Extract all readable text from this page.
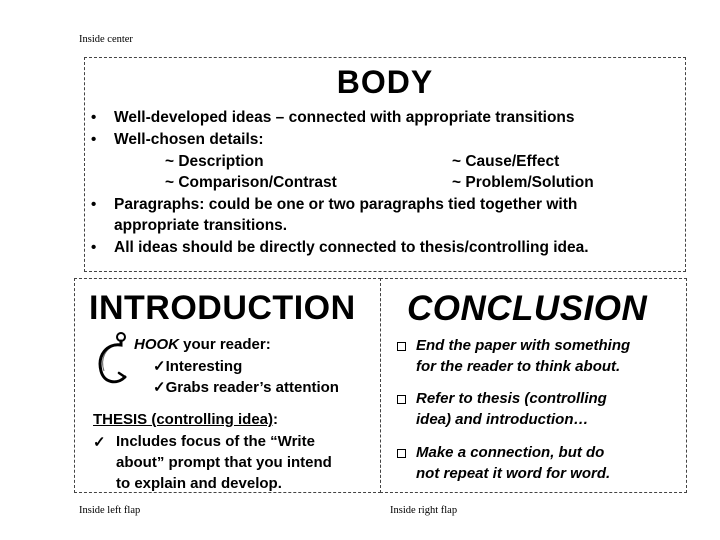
Inside center
BODY
• Well-developed ideas – connected with appropriate transitions
• Well-chosen details:
~ Description	~ Cause/Effect
~ Comparison/Contrast	~ Problem/Solution
• Paragraphs: could be one or two paragraphs tied together with
appropriate transitions.
• All ideas should be directly connected to thesis/controlling idea.
INTRODUCTION
HOOK your reader:
✓Interesting
✓Grabs reader’s attention
THESIS (controlling idea):
✓ Includes focus of the “Write
about” prompt that you intend
to explain and develop.
CONCLUSION
End the paper with something
for the reader to think about.
Refer to thesis (controlling
idea) and introduction…
Make a connection, but do
not repeat it word for word.
Inside left flap	Inside right flap
